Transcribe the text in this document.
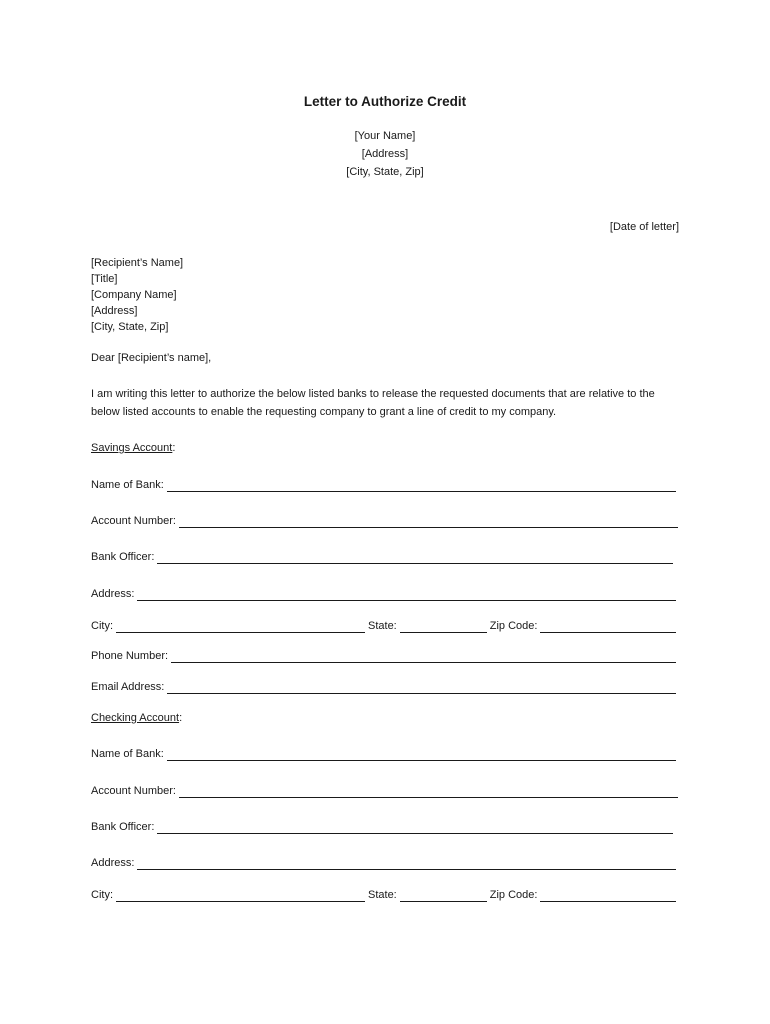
Letter to Authorize Credit
[Your Name]
[Address]
[City, State, Zip]
[Date of letter]
[Recipient’s Name]
[Title]
[Company Name]
[Address]
[City, State, Zip]
Dear [Recipient’s name],
I am writing this letter to authorize the below listed banks to release the requested documents that are relative to the below listed accounts to enable the requesting company to grant a line of credit to my company.
Savings Account:
Name of Bank:
Account Number:
Bank Officer:
Address:
City:	State:	Zip Code:
Phone Number:
Email Address:
Checking Account:
Name of Bank:
Account Number:
Bank Officer:
Address:
City:	State:	Zip Code:
